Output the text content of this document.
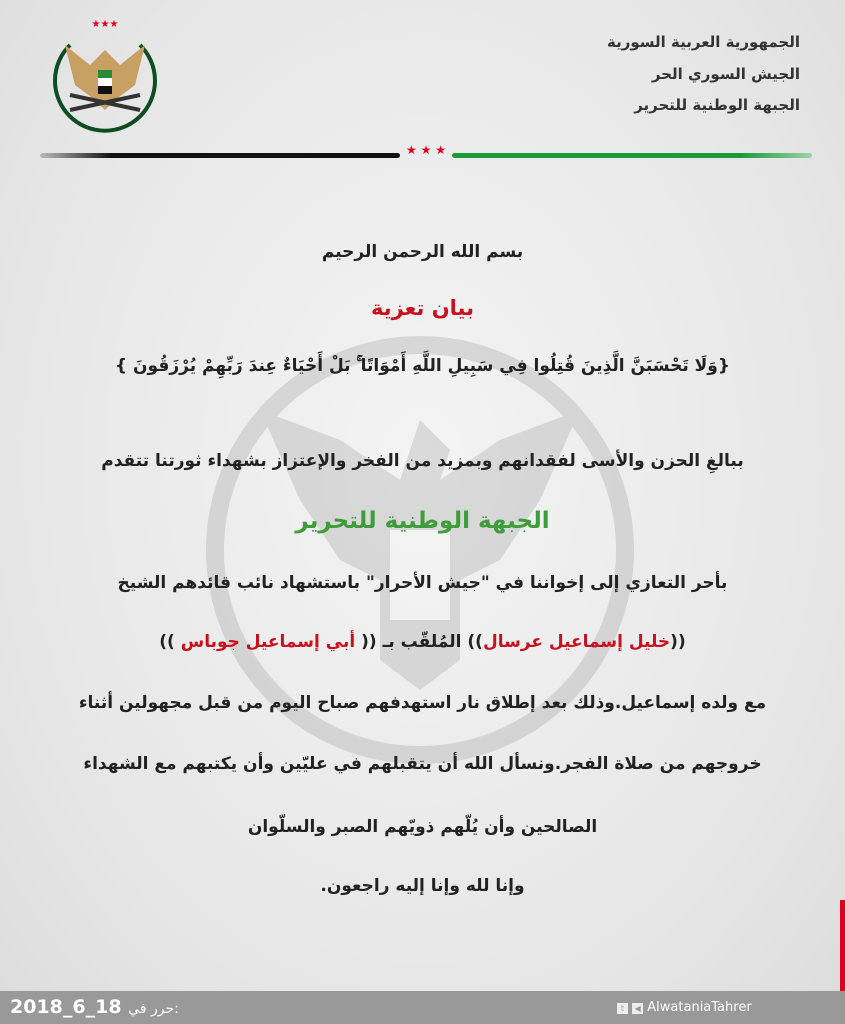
★★★
الجمهورية العربية السورية
الجيش السوري الحر
الجبهة الوطنية للتحرير
★ ★ ★
بسم الله الرحمن الرحيم
بيان تعزية
{وَلَا تَحْسَبَنَّ الَّذِينَ قُتِلُوا فِي سَبِيلِ اللَّهِ أَمْوَاتًا ۚ بَلْ أَحْيَاءٌ عِندَ رَبِّهِمْ يُرْزَقُونَ }
ببالغِ الحزن والأسى لفقدانهم وبمزيد من الفخر والإعتزاز بشهداء ثورتنا تتقدم
الجبهة الوطنية للتحرير
بأحر التعازي إلى إخواننا في "جيش الأحرار" باستشهاد نائب قائدهم الشيخ
((خليل إسماعيل عرسال)) المُلقّب بـ (( أبي إسماعيل جوباس ))
مع ولده إسماعيل.وذلك بعد إطلاق نار استهدفهم صباح اليوم من قبل مجهولين أثناء
خروجهم من صلاة الفجر.ونسأل الله أن يتقبلهم في عليّين وأن يكتبهم مع الشهداء
الصالحين وأن يُلّهم ذويّهم الصبر والسلّوان
وإنا لله وإنا إليه راجعون.
2018_6_18 حرر في:	t ◀ AlwataniaTahrer
